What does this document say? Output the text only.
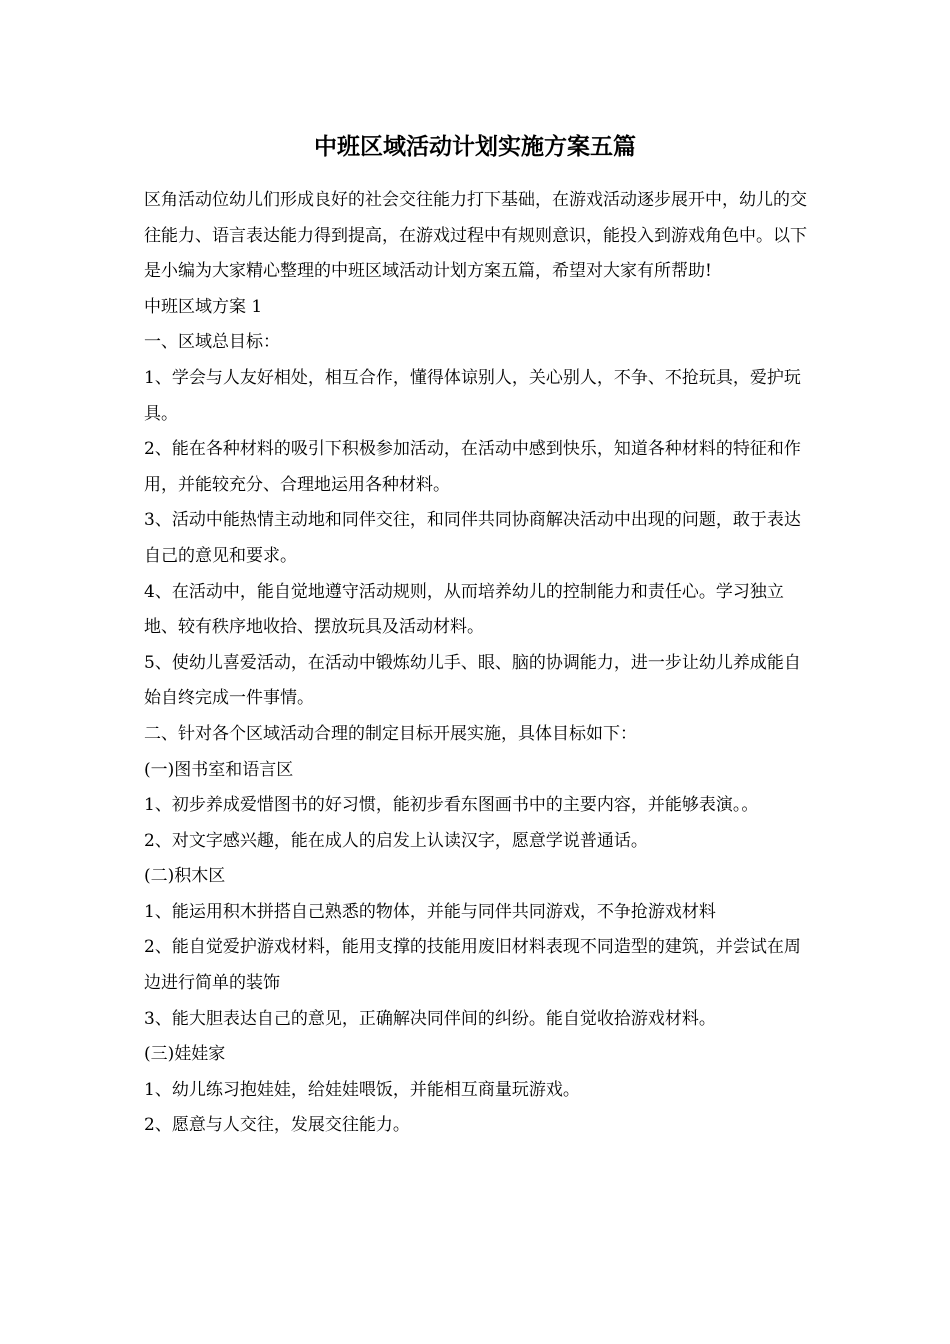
中班区域活动计划实施方案五篇

区角活动位幼儿们形成良好的社会交往能力打下基础，在游戏活动逐步展开中，幼儿的交往能力、语言表达能力得到提高，在游戏过程中有规则意识，能投入到游戏角色中。以下是小编为大家精心整理的中班区域活动计划方案五篇，希望对大家有所帮助!

中班区域方案 1

一、区域总目标：

1、学会与人友好相处，相互合作，懂得体谅别人，关心别人，不争、不抢玩具，爱护玩具。

2、能在各种材料的吸引下积极参加活动，在活动中感到快乐，知道各种材料的特征和作用，并能较充分、合理地运用各种材料。

3、活动中能热情主动地和同伴交往，和同伴共同协商解决活动中出现的问题，敢于表达自己的意见和要求。

4、在活动中，能自觉地遵守活动规则，从而培养幼儿的控制能力和责任心。学习独立地、较有秩序地收拾、摆放玩具及活动材料。

5、使幼儿喜爱活动，在活动中锻炼幼儿手、眼、脑的协调能力，进一步让幼儿养成能自始自终完成一件事情。

二、针对各个区域活动合理的制定目标开展实施，具体目标如下：

(一)图书室和语言区

1、初步养成爱惜图书的好习惯，能初步看东图画书中的主要内容，并能够表演。。

2、对文字感兴趣，能在成人的启发上认读汉字，愿意学说普通话。

(二)积木区

1、能运用积木拼搭自己熟悉的物体，并能与同伴共同游戏，不争抢游戏材料

2、能自觉爱护游戏材料，能用支撑的技能用废旧材料表现不同造型的建筑，并尝试在周边进行简单的装饰

3、能大胆表达自己的意见，正确解决同伴间的纠纷。能自觉收拾游戏材料。

(三)娃娃家

1、幼儿练习抱娃娃，给娃娃喂饭，并能相互商量玩游戏。

2、愿意与人交往，发展交往能力。
